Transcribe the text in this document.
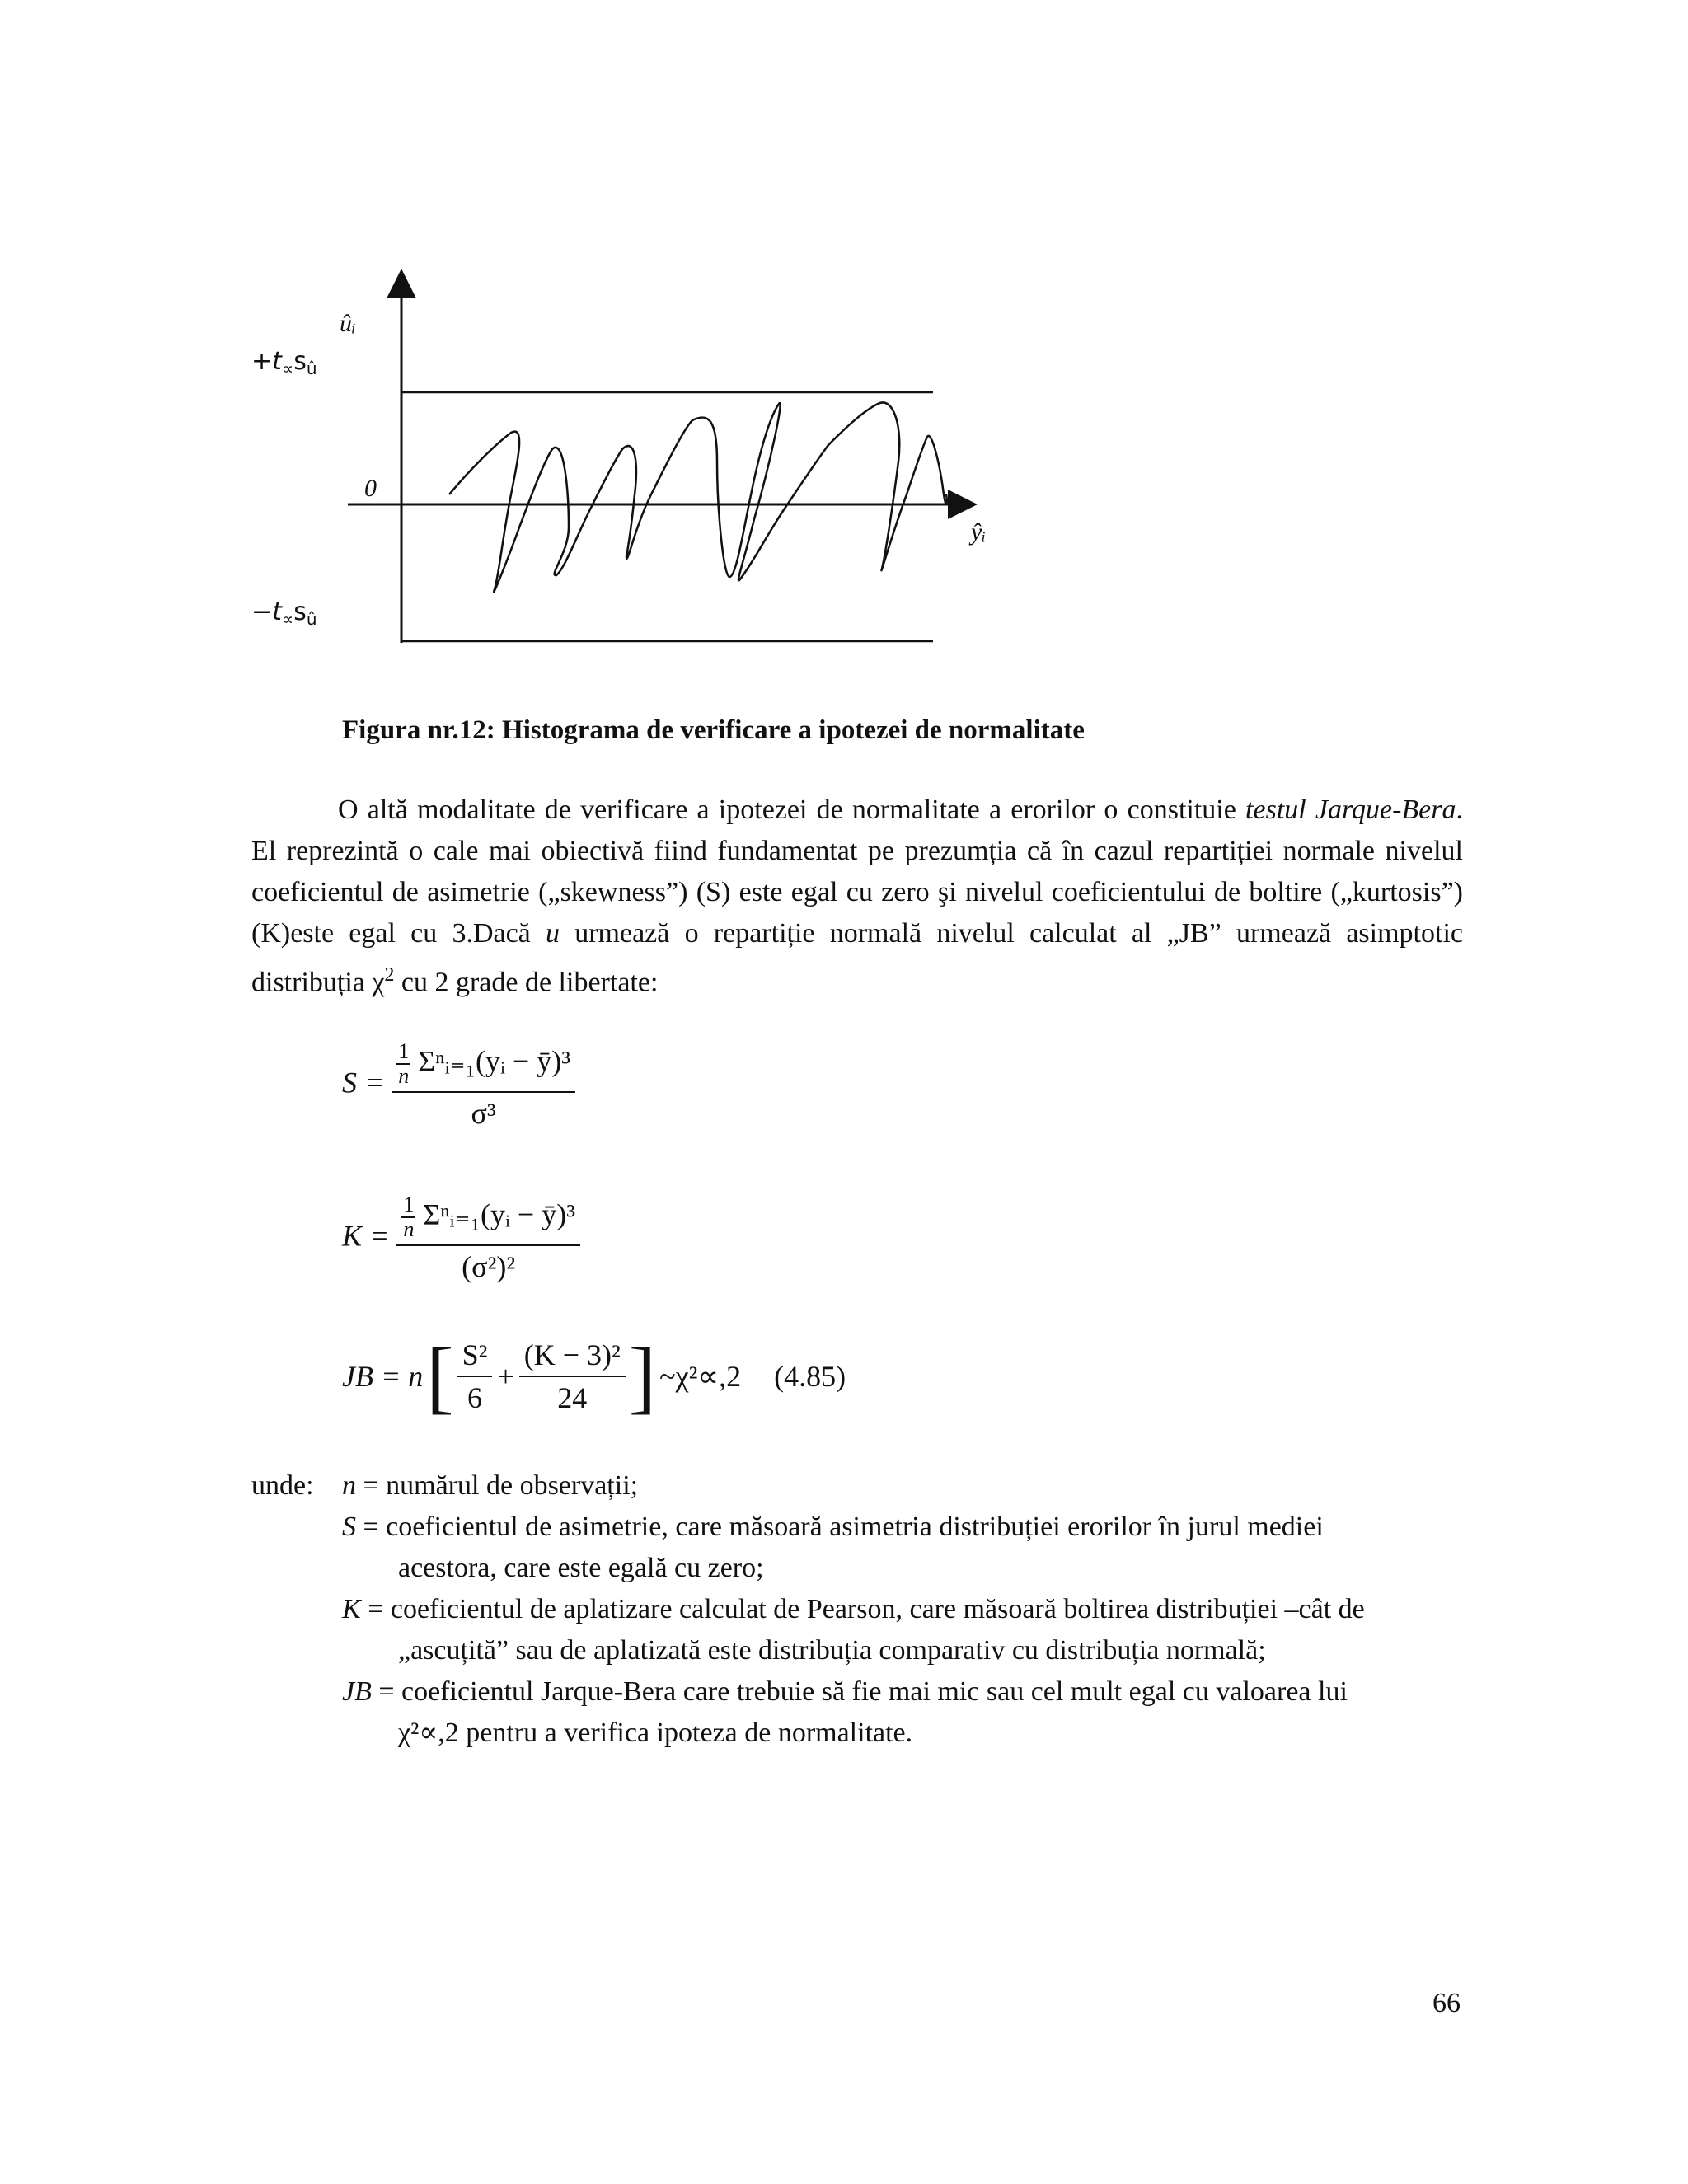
ûᵢ
ŷᵢ
0
$+t_\propto s_û$
$-t_\propto s_û$
Figura nr.12: Histograma de verificare a ipotezei de normalitate
O altă modalitate de verificare a ipotezei de normalitate a erorilor o constituie testul Jarque-Bera. El reprezintă o cale mai obiectivă fiind fundamentat pe prezumția că în cazul repartiției normale nivelul coeficientul de asimetrie („skewness”) (S) este egal cu zero şi nivelul coeficientului de boltire („kurtosis”) (K)este egal cu 3.Dacă u urmează o repartiție normală nivelul calculat al „JB” urmează asimptotic distribuția $\chi^2$ cu 2 grade de libertate:
$S = \frac{\frac{1}{n} \Sigma^nᵢ_{=1}(yᵢ - ȳ)^3}{\text{σ³}}$
$K = \frac{\frac{1}{n} \Sigma^nᵢ_{=1}(yᵢ - ȳ)^3}{\text{(σ²)²}}$
JB = n [ $\frac{\text{S²}}{6} + \frac{\text{(K − 3)²}}{24}$ ] ~χ²∝,2 (4.85)
unde:	n = numărul de observații;
S = coeficientul de asimetrie, care măsoară asimetria distribuției erorilor în jurul mediei
acestora, care este egală cu zero;
K = coeficientul de aplatizare calculat de Pearson, care măsoară boltirea distribuției –cât de
„ascuțită” sau de aplatizată este distribuția comparativ cu distribuția normală;
JB = coeficientul Jarque-Bera care trebuie să fie mai mic sau cel mult egal cu valoarea lui
χ²∝,2 pentru a verifica ipoteza de normalitate.
66
